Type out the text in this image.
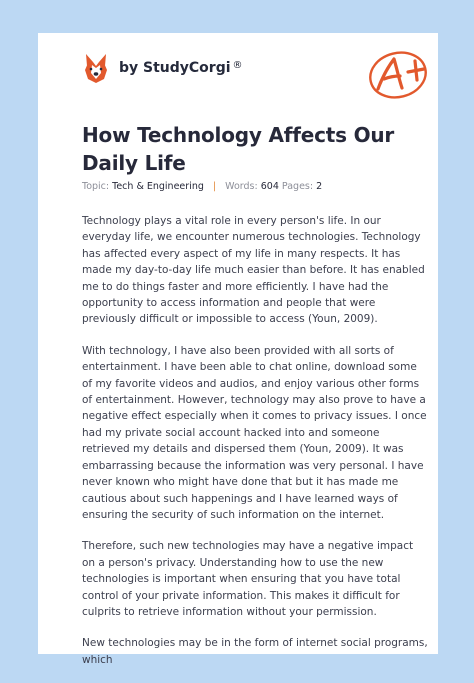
by StudyCorgi ®
How Technology Affects Our Daily Life
Topic: Tech & Engineering | Words: 604 Pages: 2

Technology plays a vital role in every person's life. In our everyday life, we encounter numerous technologies. Technology has affected every aspect of my life in many respects. It has made my day-to-day life much easier than before. It has enabled me to do things faster and more efficiently. I have had the opportunity to access information and people that were previously difficult or impossible to access (Youn, 2009).

With technology, I have also been provided with all sorts of entertainment. I have been able to chat online, download some of my favorite videos and audios, and enjoy various other forms of entertainment. However, technology may also prove to have a negative effect especially when it comes to privacy issues. I once had my private social account hacked into and someone retrieved my details and dispersed them (Youn, 2009). It was embarrassing because the information was very personal. I have never known who might have done that but it has made me cautious about such happenings and I have learned ways of ensuring the security of such information on the internet.

Therefore, such new technologies may have a negative impact on a person's privacy. Understanding how to use the new technologies is important when ensuring that you have total control of your private information. This makes it difficult for culprits to retrieve information without your permission.

New technologies may be in the form of internet social programs, which
